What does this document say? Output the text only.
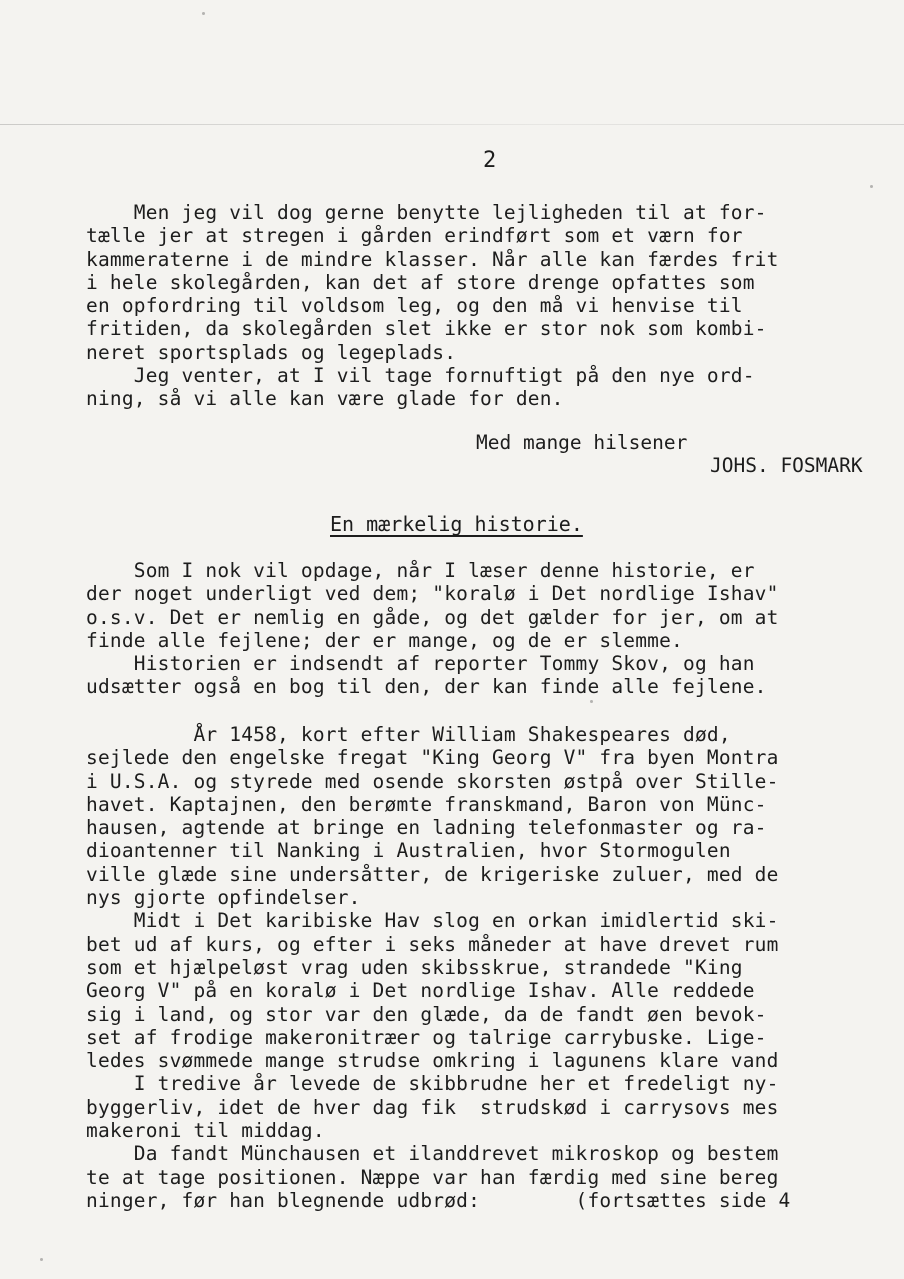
2
Men jeg vil dog gerne benytte lejligheden til at for-
tælle jer at stregen i gården erindført som et værn for
kammeraterne i de mindre klasser. Når alle kan færdes frit
i hele skolegården, kan det af store drenge opfattes som
en opfordring til voldsom leg, og den må vi henvise til
fritiden, da skolegården slet ikke er stor nok som kombi-
neret sportsplads og legeplads.
Jeg venter, at I vil tage fornuftigt på den nye ord-
ning, så vi alle kan være glade for den.
Med mange hilsener
JOHS. FOSMARK
En mærkelig historie.
Som I nok vil opdage, når I læser denne historie, er
der noget underligt ved dem; "koralø i Det nordlige Ishav"
o.s.v. Det er nemlig en gåde, og det gælder for jer, om at
finde alle fejlene; der er mange, og de er slemme.
Historien er indsendt af reporter Tommy Skov, og han
udsætter også en bog til den, der kan finde alle fejlene.
År 1458, kort efter William Shakespeares død,
sejlede den engelske fregat "King Georg V" fra byen Montra
i U.S.A. og styrede med osende skorsten østpå over Stille-
havet. Kaptajnen, den berømte franskmand, Baron von Münc-
hausen, agtende at bringe en ladning telefonmaster og ra-
dioantenner til Nanking i Australien, hvor Stormogulen
ville glæde sine undersåtter, de krigeriske zuluer, med de
nys gjorte opfindelser.
Midt i Det karibiske Hav slog en orkan imidlertid ski-
bet ud af kurs, og efter i seks måneder at have drevet rum
som et hjælpeløst vrag uden skibsskrue, strandede "King
Georg V" på en koralø i Det nordlige Ishav. Alle reddede
sig i land, og stor var den glæde, da de fandt øen bevok-
set af frodige makeronitræer og talrige carrybuske. Lige-
ledes svømmede mange strudse omkring i lagunens klare vand
I tredive år levede de skibbrudne her et fredeligt ny-
byggerliv, idet de hver dag fik  strudskød i carrysovs mes
makeroni til middag.
Da fandt Münchausen et ilanddrevet mikroskop og bestem
te at tage positionen. Næppe var han færdig med sine bereg
ninger, før han blegnende udbrød:        (fortsættes side 4
